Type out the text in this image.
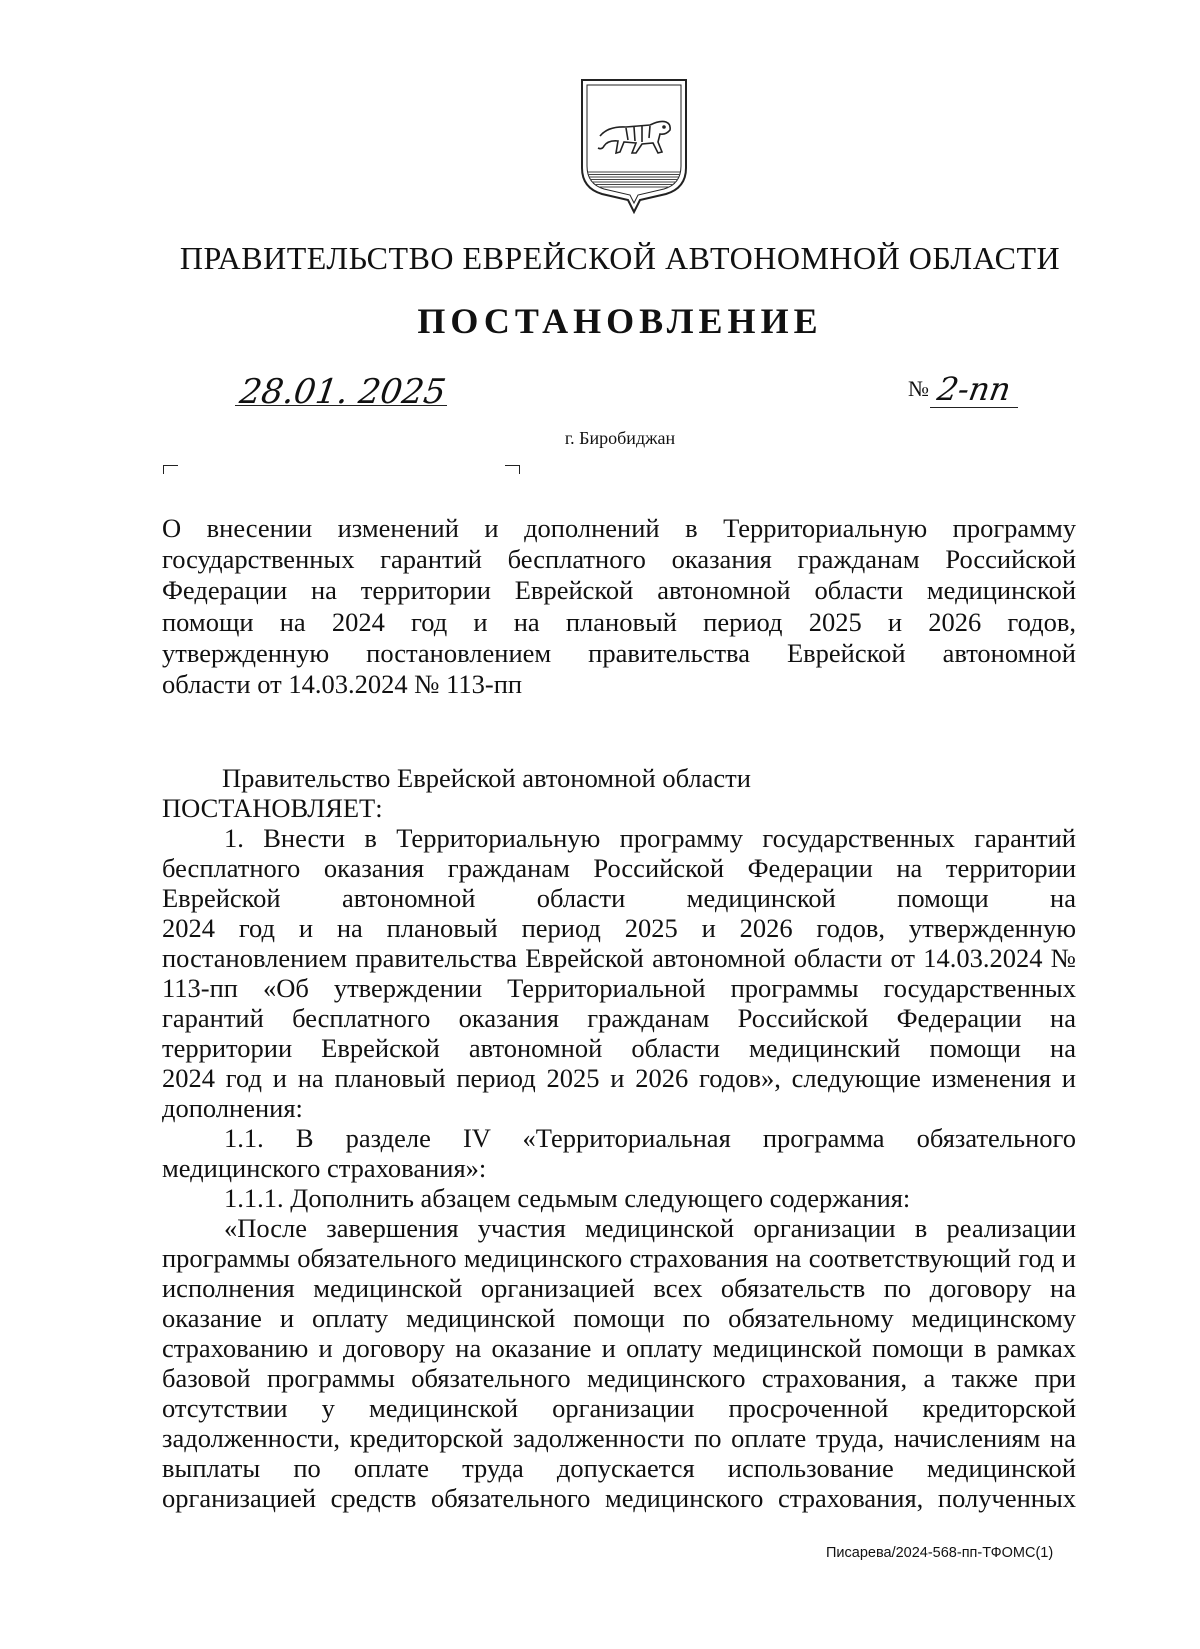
ПРАВИТЕЛЬСТВО ЕВРЕЙСКОЙ АВТОНОМНОЙ ОБЛАСТИ
ПОСТАНОВЛЕНИЕ
28.01. 2025	№ 2-пп
г. Биробиджан
О внесении изменений и дополнений в Территориальную программу
государственных гарантий бесплатного оказания гражданам Российской
Федерации на территории Еврейской автономной области медицинской
помощи на 2024 год и на плановый период 2025 и 2026 годов,
утвержденную постановлением правительства Еврейской автономной
области от 14.03.2024 № 113-пп
Правительство Еврейской автономной области
ПОСТАНОВЛЯЕТ:
1. Внести в Территориальную программу государственных гарантий
бесплатного оказания гражданам Российской Федерации на территории
Еврейской автономной области медицинской помощи на
2024 год и на плановый период 2025 и 2026 годов, утвержденную
постановлением правительства Еврейской автономной области от 14.03.2024 №
113-пп «Об утверждении Территориальной программы государственных
гарантий бесплатного оказания гражданам Российской Федерации на
территории Еврейской автономной области медицинский помощи на
2024 год и на плановый период 2025 и 2026 годов», следующие изменения и
дополнения:
1.1. В разделе IV «Территориальная программа обязательного
медицинского страхования»:
1.1.1. Дополнить абзацем седьмым следующего содержания:
«После завершения участия медицинской организации в реализации
программы обязательного медицинского страхования на соответствующий год и
исполнения медицинской организацией всех обязательств по договору на
оказание и оплату медицинской помощи по обязательному медицинскому
страхованию и договору на оказание и оплату медицинской помощи в рамках
базовой программы обязательного медицинского страхования, а также при
отсутствии у медицинской организации просроченной кредиторской
задолженности, кредиторской задолженности по оплате труда, начислениям на
выплаты по оплате труда допускается использование медицинской
организацией средств обязательного медицинского страхования, полученных
Писарева/2024-568-пп-ТФОМС(1)
